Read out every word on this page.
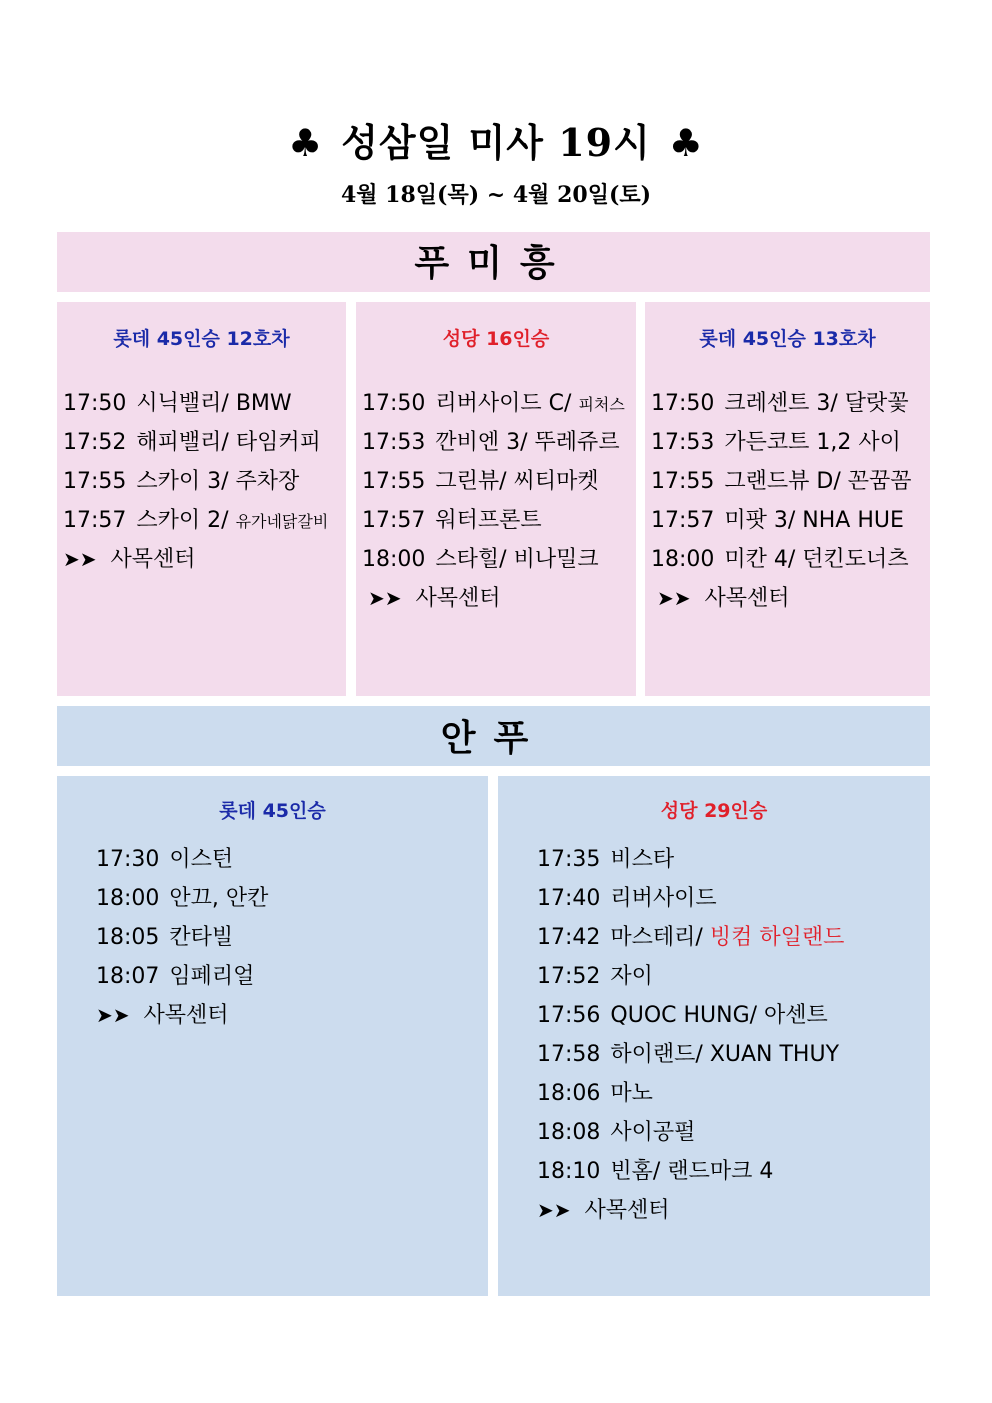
♣ 성삼일 미사 19시 ♣
4월 18일(목) ~ 4월 20일(토)
푸미흥
롯데 45인승 12호차
17:50 시닉밸리/ BMW
17:52 해피밸리/ 타임커피
17:55 스카이 3/ 주차장
17:57 스카이 2/ 유가네닭갈비
➤➤ 사목센터
성당 16인승
17:50 리버사이드 C/ 피처스
17:53 깐비엔 3/ 뚜레쥬르
17:55 그린뷰/ 씨티마켓
17:57 워터프론트
18:00 스타힐/ 비나밀크
➤➤ 사목센터
롯데 45인승 13호차
17:50 크레센트 3/ 달랏꽃
17:53 가든코트 1,2 사이
17:55 그랜드뷰 D/ 꼰꿈꼼
17:57 미팟 3/ NHA HUE
18:00 미칸 4/ 던킨도너츠
➤➤ 사목센터
안푸
롯데 45인승
17:30 이스턴
18:00 안끄, 안칸
18:05 칸타빌
18:07 임페리얼
➤➤ 사목센터
성당 29인승
17:35 비스타
17:40 리버사이드
17:42 마스테리/ 빙컴 하일랜드
17:52 자이
17:56 QUOC HUNG/ 아센트
17:58 하이랜드/ XUAN THUY
18:06 마노
18:08 사이공펄
18:10 빈홈/ 랜드마크 4
➤➤ 사목센터
